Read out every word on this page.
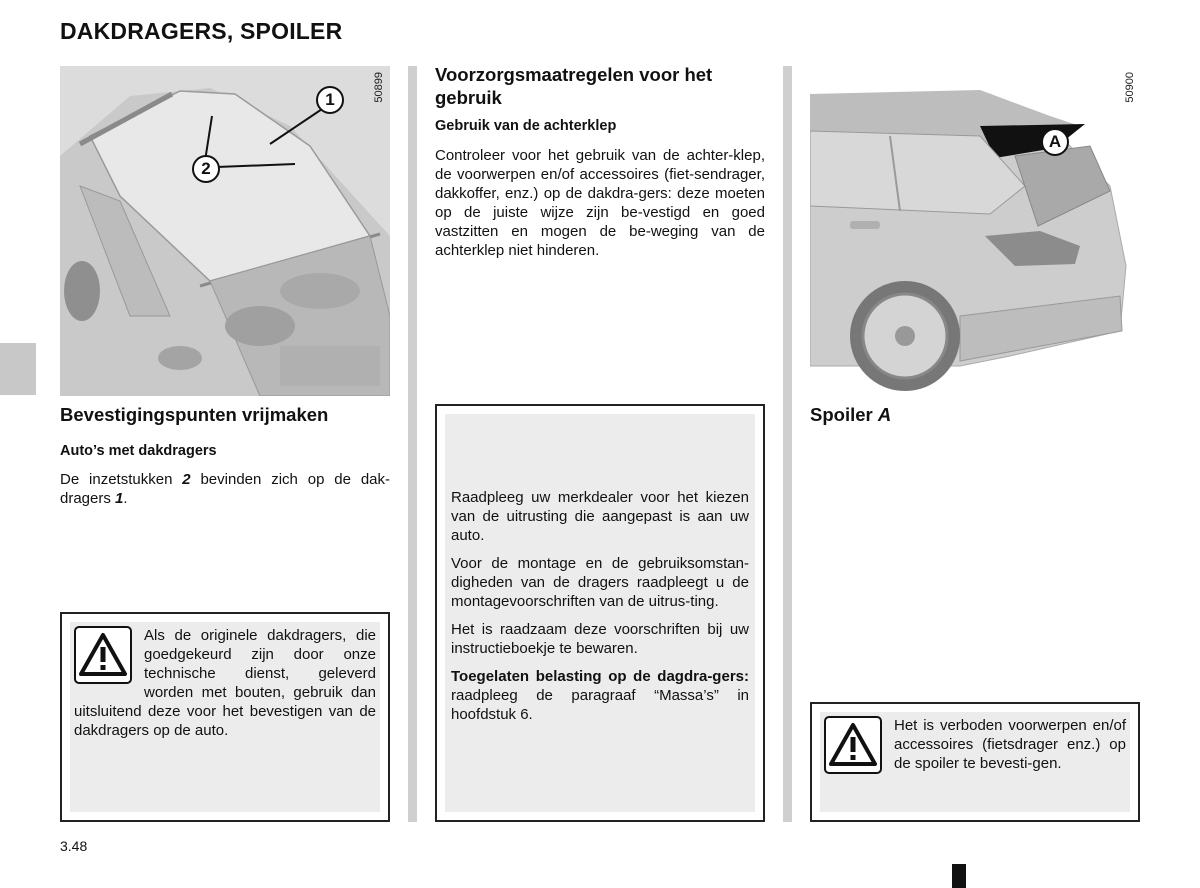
DAKDRAGERS, SPOILER
1
2
50899
Bevestigingspunten vrijmaken
Auto’s met dakdragers
De inzetstukken 2 bevinden zich op de dak-dragers 1.
Als de originele dakdragers, die goedgekeurd zijn door onze technische dienst, geleverd worden met bouten, gebruik dan uitsluitend deze voor het bevestigen van de dakdragers op de auto.
3.48
Voorzorgsmaatregelen voor het gebruik
Gebruik van de achterklep
Controleer voor het gebruik van de achter-klep, de voorwerpen en/of accessoires (fiet-sendrager, dakkoffer, enz.) op de dakdra-gers: deze moeten op de juiste wijze zijn be-vestigd en goed vastzitten en mogen de be-weging van de achterklep niet hinderen.

Raadpleeg uw merkdealer voor het kiezen van de uitrusting die aangepast is aan uw auto.

Voor de montage en de gebruiksomstan-digheden van de dragers raadpleegt u de montagevoorschriften van de uitrus-ting.

Het is raadzaam deze voorschriften bij uw instructieboekje te bewaren.

Toegelaten belasting op de dagdra-gers: raadpleeg de paragraaf “Massa’s” in hoofdstuk 6.

A
50900
Spoiler A
Het is verboden voorwerpen en/of accessoires (fietsdrager enz.) op de spoiler te bevesti-gen.
